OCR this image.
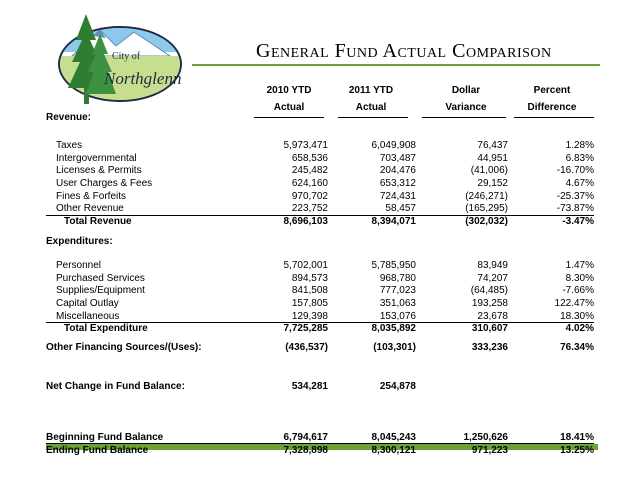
City of
Northglenn
General Fund Actual Comparison
2010 YTD
Actual
2011 YTD
Actual
Dollar
Variance
Percent
Difference
Revenue:
Taxes	5,973,471	6,049,908	76,437	1.28%
Intergovernmental	658,536	703,487	44,951	6.83%
Licenses & Permits	245,482	204,476	(41,006)	-16.70%
User Charges & Fees	624,160	653,312	29,152	4.67%
Fines & Forfeits	970,702	724,431	(246,271)	-25.37%
Other Revenue	223,752	58,457	(165,295)	-73.87%
Total Revenue	8,696,103	8,394,071	(302,032)	-3.47%
Expenditures:
Personnel	5,702,001	5,785,950	83,949	1.47%
Purchased Services	894,573	968,780	74,207	8.30%
Supplies/Equipment	841,508	777,023	(64,485)	-7.66%
Capital Outlay	157,805	351,063	193,258	122.47%
Miscellaneous	129,398	153,076	23,678	18.30%
Total Expenditure	7,725,285	8,035,892	310,607	4.02%
Other Financing Sources/(Uses):	(436,537)	(103,301)	333,236	76.34%
Net Change in Fund Balance:	534,281	254,878
Beginning Fund Balance	6,794,617	8,045,243	1,250,626	18.41%
Ending Fund Balance	7,328,898	8,300,121	971,223	13.25%
